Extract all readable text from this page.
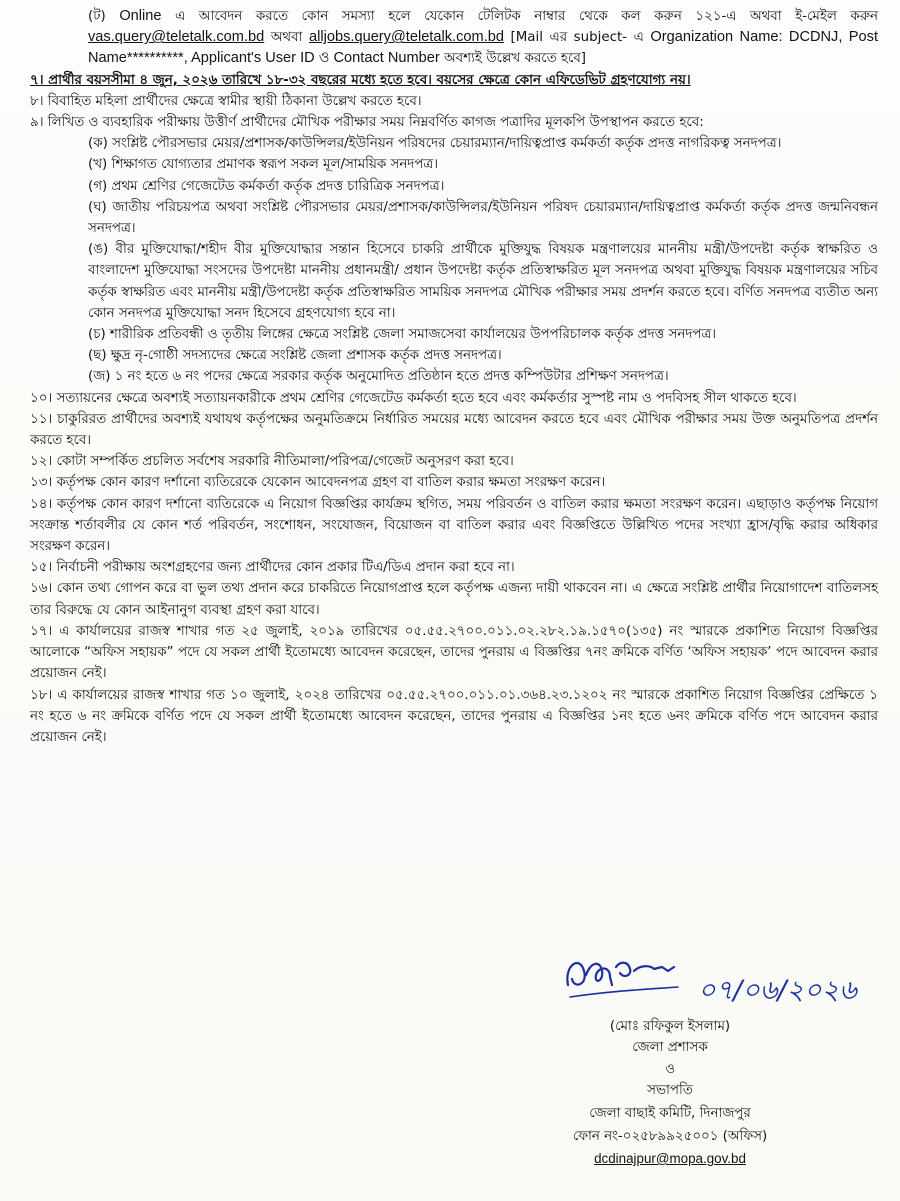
(ট) Online এ আবেদন করতে কোন সমস্যা হলে যেকোন টেলিটক নাম্বার থেকে কল করুন ১২১-এ অথবা ই-মেইল করুন vas.query@teletalk.com.bd অথবা alljobs.query@teletalk.com.bd [Mail এর subject- এ Organization Name: DCDNJ, Post Name**********, Applicant's User ID ও Contact Number অবশ্যই উল্লেখ করতে হবে]
৭। প্রার্থীর বয়সসীমা ৪ জুন, ২০২৬ তারিখে ১৮-৩২ বছরের মধ্যে হতে হবে। বয়সের ক্ষেত্রে কোন এফিডেভিট গ্রহণযোগ্য নয়।
৮। বিবাহিত মহিলা প্রার্থীদের ক্ষেত্রে স্বামীর স্থায়ী ঠিকানা উল্লেখ করতে হবে।
৯। লিখিত ও ব্যবহারিক পরীক্ষায় উত্তীর্ণ প্রার্থীদের মৌখিক পরীক্ষার সময় নিম্নবর্ণিত কাগজ পত্রাদির মূলকপি উপস্থাপন করতে হবে:
(ক) সংশ্লিষ্ট পৌরসভার মেয়র/প্রশাসক/কাউন্সিলর/ইউনিয়ন পরিষদের চেয়ারম্যান/দায়িত্বপ্রাপ্ত কর্মকর্তা কর্তৃক প্রদত্ত নাগরিকত্ব সনদপত্র।
(খ) শিক্ষাগত যোগ্যতার প্রমাণক স্বরূপ সকল মূল/সাময়িক সনদপত্র।
(গ) প্রথম শ্রেণির গেজেটেড কর্মকর্তা কর্তৃক প্রদত্ত চারিত্রিক সনদপত্র।
(ঘ) জাতীয় পরিচয়পত্র অথবা সংশ্লিষ্ট পৌরসভার মেয়র/প্রশাসক/কাউন্সিলর/ইউনিয়ন পরিষদ চেয়ারম্যান/দায়িত্বপ্রাপ্ত কর্মকর্তা কর্তৃক প্রদত্ত জন্মনিবন্ধন সনদপত্র।
(ঙ) বীর মুক্তিযোদ্ধা/শহীদ বীর মুক্তিযোদ্ধার সন্তান হিসেবে চাকরি প্রার্থীকে মুক্তিযুদ্ধ বিষয়ক মন্ত্রণালয়ের মাননীয় মন্ত্রী/উপদেষ্টা কর্তৃক স্বাক্ষরিত ও বাংলাদেশ মুক্তিযোদ্ধা সংসদের উপদেষ্টা মাননীয় প্রধানমন্ত্রী/ প্রধান উপদেষ্টা কর্তৃক প্রতিস্বাক্ষরিত মূল সনদপত্র অথবা মুক্তিযুদ্ধ বিষয়ক মন্ত্রণালয়ের সচিব কর্তৃক স্বাক্ষরিত এবং মাননীয় মন্ত্রী/উপদেষ্টা কর্তৃক প্রতিস্বাক্ষরিত সাময়িক সনদপত্র মৌখিক পরীক্ষার সময় প্রদর্শন করতে হবে। বর্ণিত সনদপত্র ব্যতীত অন্য কোন সনদপত্র মুক্তিযোদ্ধা সনদ হিসেবে গ্রহণযোগ্য হবে না।
(চ) শারীরিক প্রতিবন্ধী ও তৃতীয় লিঙ্গের ক্ষেত্রে সংশ্লিষ্ট জেলা সমাজসেবা কার্যালয়ের উপপরিচালক কর্তৃক প্রদত্ত সনদপত্র।
(ছ) ক্ষুদ্র নৃ-গোষ্ঠী সদস্যদের ক্ষেত্রে সংশ্লিষ্ট জেলা প্রশাসক কর্তৃক প্রদত্ত সনদপত্র।
(জ) ১ নং হতে ৬ নং পদের ক্ষেত্রে সরকার কর্তৃক অনুমোদিত প্রতিষ্ঠান হতে প্রদত্ত কম্পিউটার প্রশিক্ষণ সনদপত্র।
১০। সত্যায়নের ক্ষেত্রে অবশ্যই সত্যায়নকারীকে প্রথম শ্রেণির গেজেটেড কর্মকর্তা হতে হবে এবং কর্মকর্তার সুস্পষ্ট নাম ও পদবিসহ সীল থাকতে হবে।
১১। চাকুরিরত প্রার্থীদের অবশ্যই যথাযথ কর্তৃপক্ষের অনুমতিক্রমে নির্ধারিত সময়ের মধ্যে আবেদন করতে হবে এবং মৌখিক পরীক্ষার সময় উক্ত অনুমতিপত্র প্রদর্শন করতে হবে।
১২। কোটা সম্পর্কিত প্রচলিত সর্বশেষ সরকারি নীতিমালা/পরিপত্র/গেজেট অনুসরণ করা হবে।
১৩। কর্তৃপক্ষ কোন কারণ দর্শানো ব্যতিরেকে যেকোন আবেদনপত্র গ্রহণ বা বাতিল করার ক্ষমতা সংরক্ষণ করেন।
১৪। কর্তৃপক্ষ কোন কারণ দর্শানো ব্যতিরেকে এ নিয়োগ বিজ্ঞপ্তির কার্যক্রম স্থগিত, সময় পরিবর্তন ও বাতিল করার ক্ষমতা সংরক্ষণ করেন। এছাড়াও কর্তৃপক্ষ নিয়োগ সংক্রান্ত শর্তাবলীর যে কোন শর্ত পরিবর্তন, সংশোধন, সংযোজন, বিয়োজন বা বাতিল করার এবং বিজ্ঞপ্তিতে উল্লিখিত পদের সংখ্যা হ্রাস/বৃদ্ধি করার অধিকার সংরক্ষণ করেন।
১৫। নির্বাচনী পরীক্ষায় অংশগ্রহণের জন্য প্রার্থীদের কোন প্রকার টিএ/ডিএ প্রদান করা হবে না।
১৬। কোন তথ্য গোপন করে বা ভুল তথ্য প্রদান করে চাকরিতে নিয়োগপ্রাপ্ত হলে কর্তৃপক্ষ এজন্য দায়ী থাকবেন না। এ ক্ষেত্রে সংশ্লিষ্ট প্রার্থীর নিয়োগাদেশ বাতিলসহ তার বিরুদ্ধে যে কোন আইনানুগ ব্যবস্থা গ্রহণ করা যাবে।
১৭। এ কার্যালয়ের রাজস্ব শাখার গত ২৫ জুলাই, ২০১৯ তারিখের ০৫.৫৫.২৭০০.০১১.০২.২৮২.১৯.১৫৭০(১৩৫) নং স্মারকে প্রকাশিত নিয়োগ বিজ্ঞপ্তির আলোকে “অফিস সহায়ক” পদে যে সকল প্রার্থী ইতোমধ্যে আবেদন করেছেন, তাদের পুনরায় এ বিজ্ঞপ্তির ৭নং ক্রমিকে বর্ণিত ‘অফিস সহায়ক’ পদে আবেদন করার প্রয়োজন নেই।
১৮। এ কার্যালয়ের রাজস্ব শাখার গত ১০ জুলাই, ২০২৪ তারিখের ০৫.৫৫.২৭০০.০১১.০১.৩৬৪.২৩.১২০২ নং স্মারকে প্রকাশিত নিয়োগ বিজ্ঞপ্তির প্রেক্ষিতে ১ নং হতে ৬ নং ক্রমিকে বর্ণিত পদে যে সকল প্রার্থী ইতোমধ্যে আবেদন করেছেন, তাদের পুনরায় এ বিজ্ঞপ্তির ১নং হতে ৬নং ক্রমিকে বর্ণিত পদে আবেদন করার প্রয়োজন নেই।
০৭/০৬/২০২৬
(মোঃ রফিকুল ইসলাম)
জেলা প্রশাসক
ও
সভাপতি
জেলা বাছাই কমিটি, দিনাজপুর
ফোন নং-০২৫৮৯৯২৫০০১ (অফিস)
dcdinajpur@mopa.gov.bd
